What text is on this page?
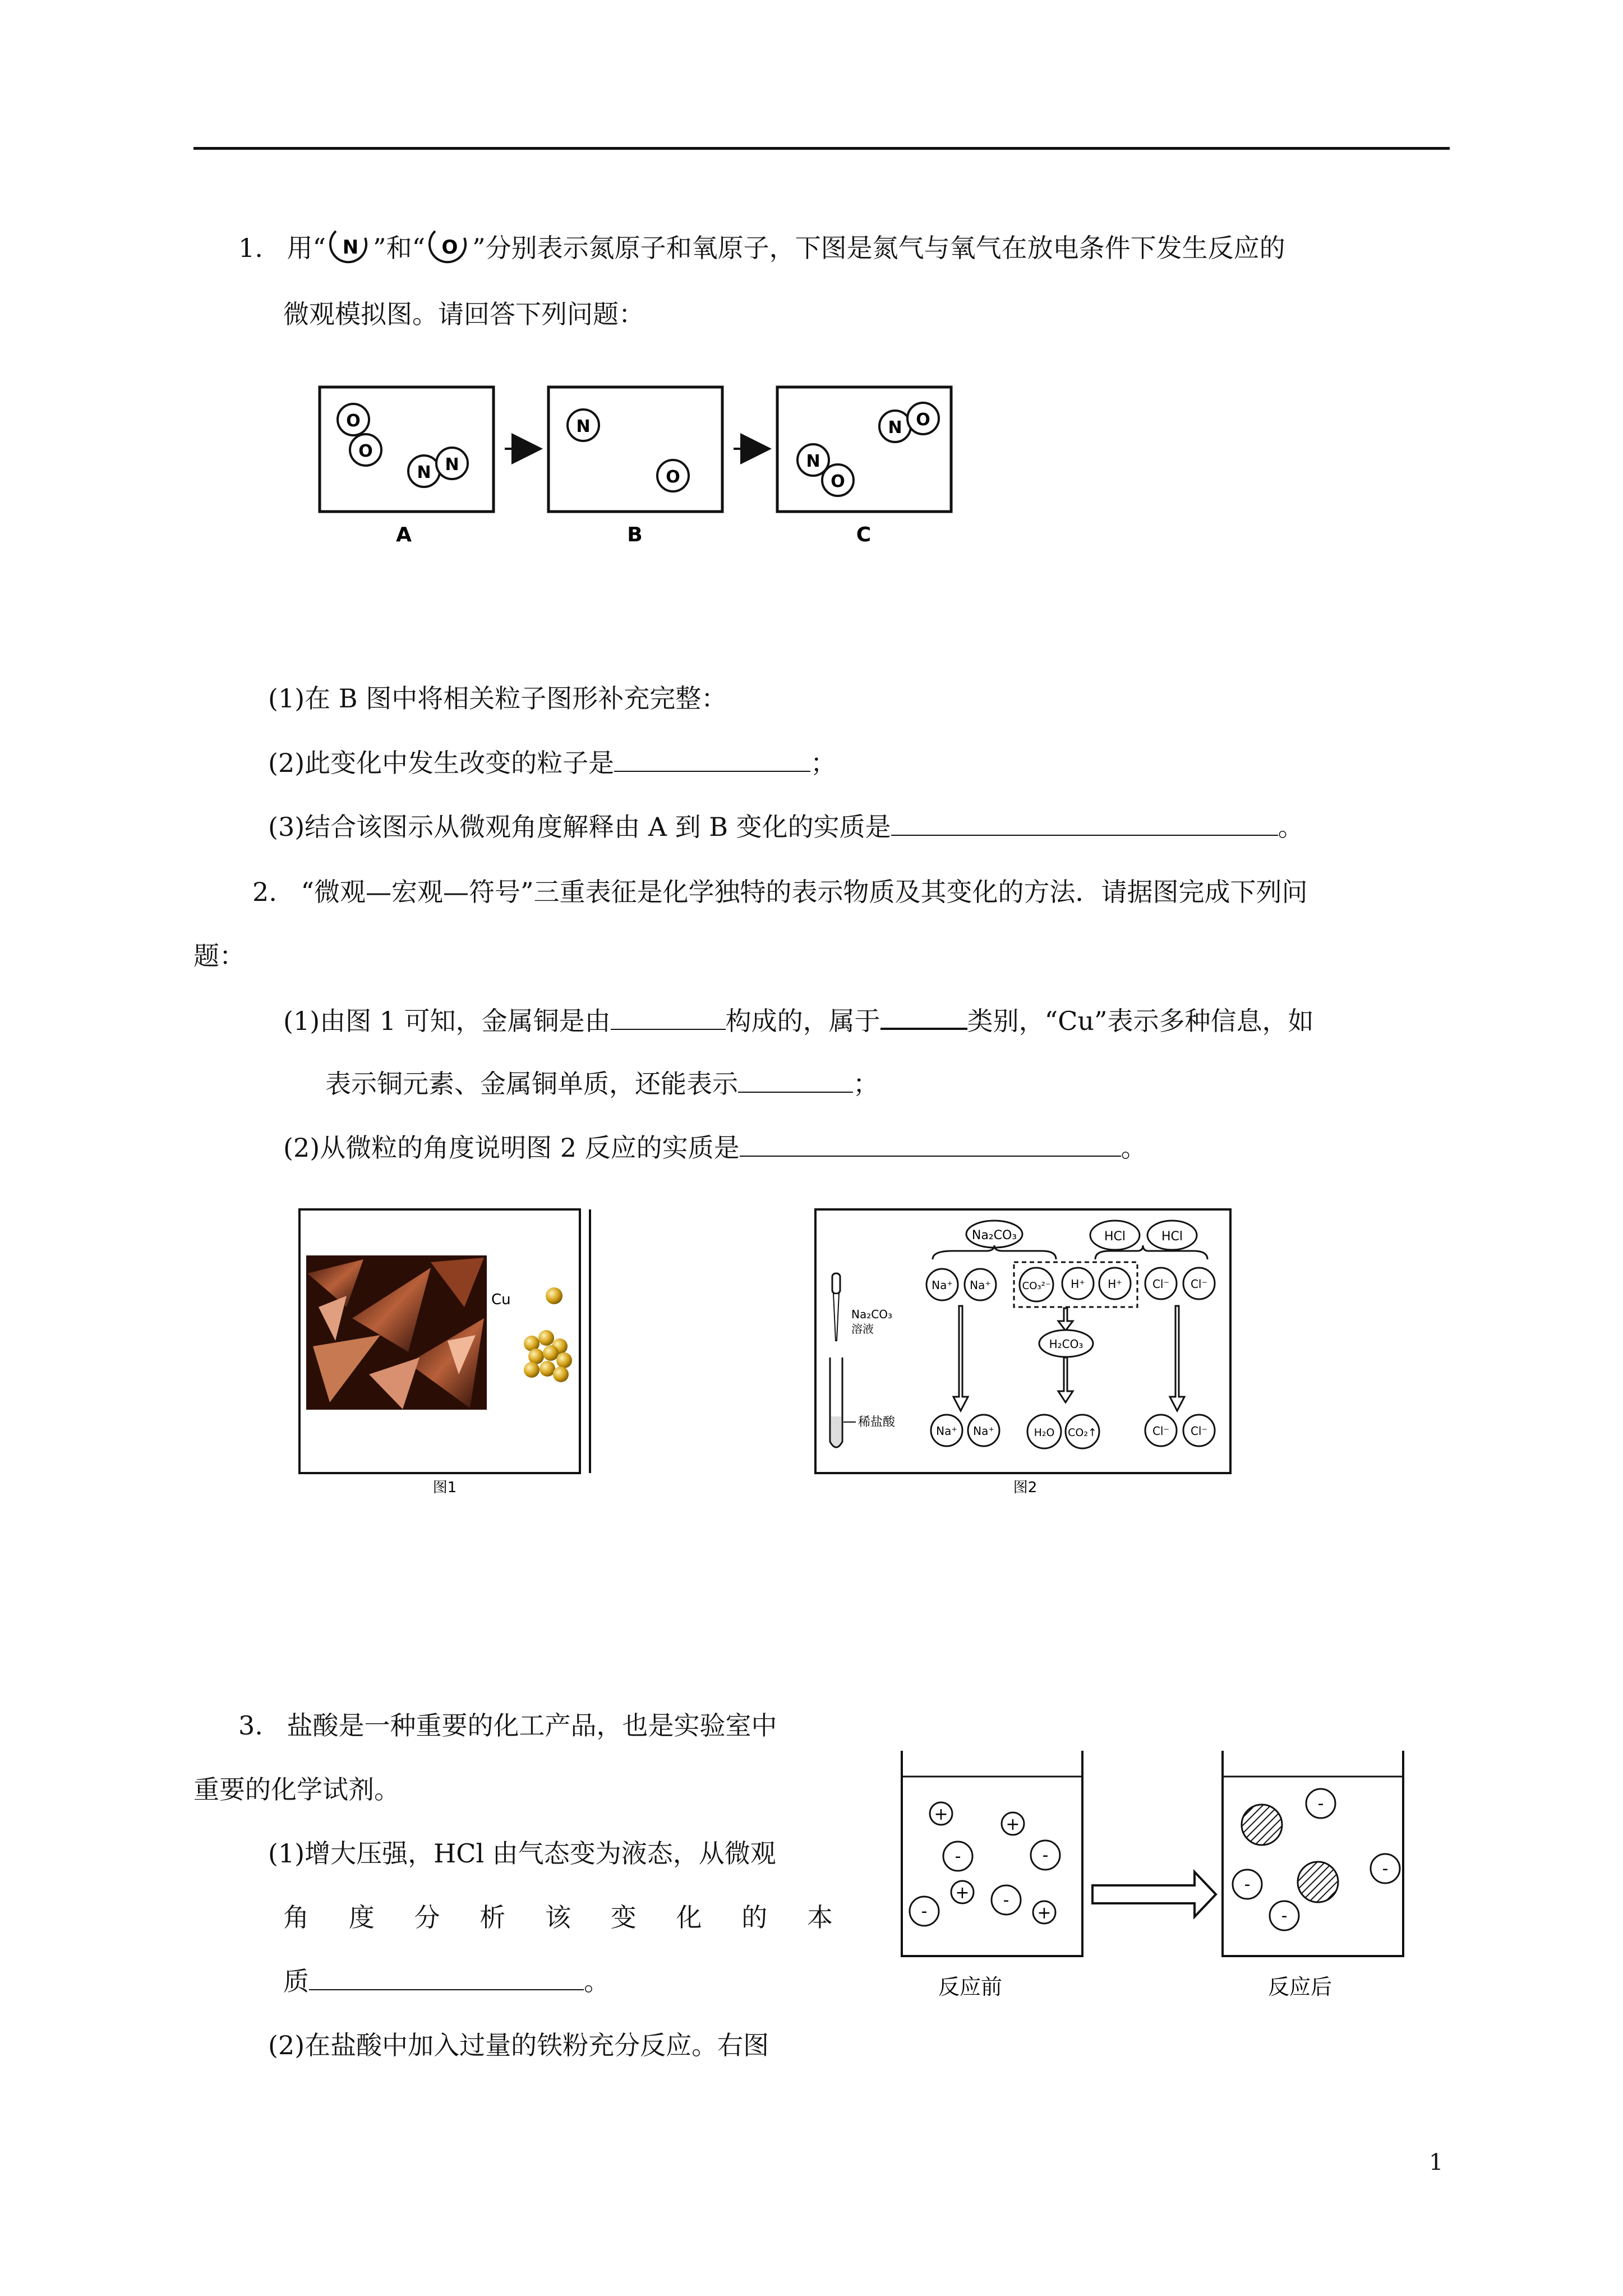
1. 用“ N ”和“ O ”分别表示氮原子和氧原子，下图是氮气与氧气在放电条件下发生反应的
微观模拟图。请回答下列问题：
O
O
N N
A
N
O
B
N O
N
O
C
(1)在 B 图中将相关粒子图形补充完整：
(2)此变化中发生改变的粒子是	；
(3)结合该图示从微观角度解释由 A 到 B 变化的实质是	。
2. “微观—宏观—符号”三重表征是化学独特的表示物质及其变化的方法．请据图完成下列问
题：
(1)由图 1 可知，金属铜是由	构成的，属于	类别，“Cu”表示多种信息，如
表示铜元素、金属铜单质，还能表示	；
(2)从微粒的角度说明图 2 反应的实质是	。
Cu
图1
Na₂CO₃	HCl	HCl
Na⁺ Na⁺	CO₃²⁻ H⁺ H⁺	Cl⁻ Cl⁻
H₂CO₃
Na⁺ Na⁺	H₂O CO₂↑	Cl⁻ Cl⁻
Na₂CO₃
溶液
稀盐酸
图2
3. 盐酸是一种重要的化工产品，也是实验室中
重要的化学试剂。
(1)增大压强，HCl 由气态变为液态，从微观
角 度 分 析 该 变 化 的 本
质	。
(2)在盐酸中加入过量的铁粉充分反应。右图
+
+
-	-
+ -
-	+
反应前
-
-
-
-
反应后
1
